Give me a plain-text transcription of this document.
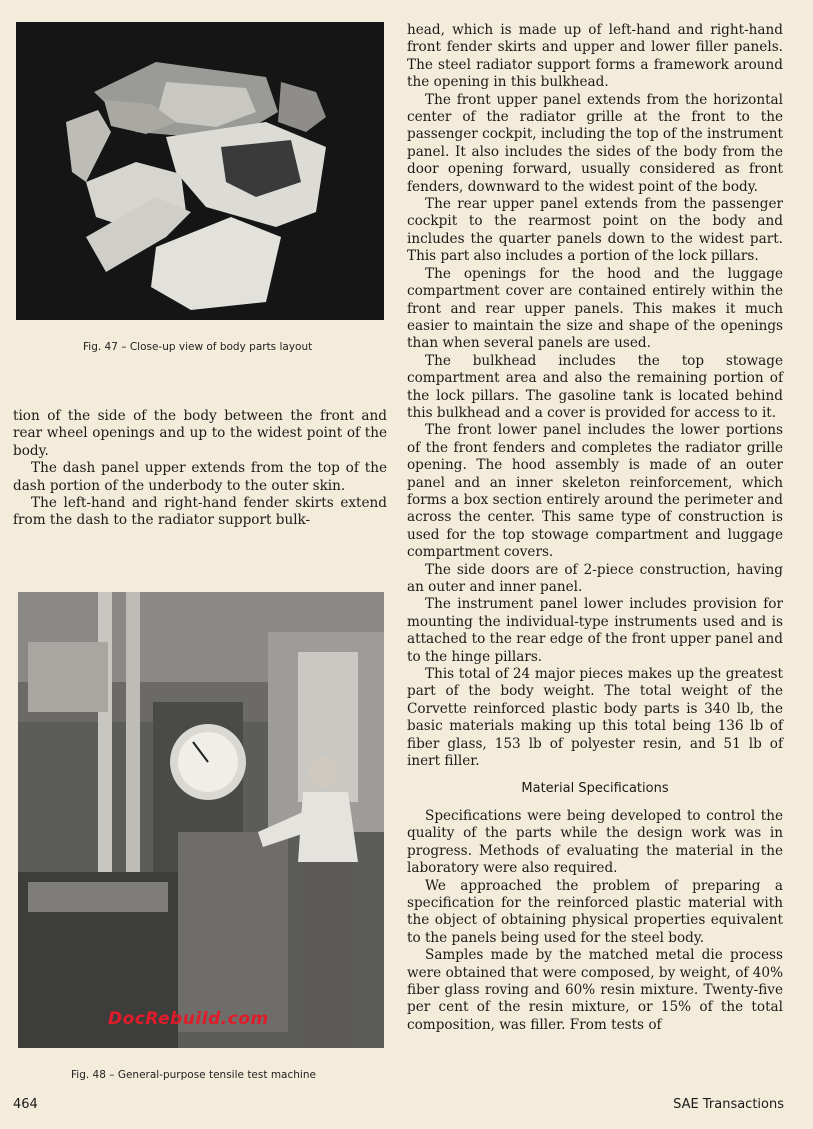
Fig. 47 – Close-up view of body parts layout
DocRebuild.com
Fig. 48 – General-purpose tensile test machine

tion of the side of the body between the front and rear wheel openings and up to the widest point of the body.

The dash panel upper extends from the top of the dash portion of the underbody to the outer skin.

The left-hand and right-hand fender skirts extend from the dash to the radiator support bulk-

head, which is made up of left-hand and right-hand front fender skirts and upper and lower filler panels. The steel radiator support forms a framework around the opening in this bulkhead.

The front upper panel extends from the horizontal center of the radiator grille at the front to the passenger cockpit, including the top of the instrument panel. It also includes the sides of the body from the door opening forward, usually considered as front fenders, downward to the widest point of the body.

The rear upper panel extends from the passenger cockpit to the rearmost point on the body and includes the quarter panels down to the widest part. This part also includes a portion of the lock pillars.

The openings for the hood and the luggage compartment cover are contained entirely within the front and rear upper panels. This makes it much easier to maintain the size and shape of the openings than when several panels are used.

The bulkhead includes the top stowage compartment area and also the remaining portion of the lock pillars. The gasoline tank is located behind this bulkhead and a cover is provided for access to it.

The front lower panel includes the lower portions of the front fenders and completes the radiator grille opening. The hood assembly is made of an outer panel and an inner skeleton reinforcement, which forms a box section entirely around the perimeter and across the center. This same type of construction is used for the top stowage compartment and luggage compartment covers.

The side doors are of 2-piece construction, having an outer and inner panel.

The instrument panel lower includes provision for mounting the individual-type instruments used and is attached to the rear edge of the front upper panel and to the hinge pillars.

This total of 24 major pieces makes up the greatest part of the body weight. The total weight of the Corvette reinforced plastic body parts is 340 lb, the basic materials making up this total being 136 lb of fiber glass, 153 lb of polyester resin, and 51 lb of inert filler.

Material Specifications

Specifications were being developed to control the quality of the parts while the design work was in progress. Methods of evaluating the material in the laboratory were also required.

We approached the problem of preparing a specification for the reinforced plastic material with the object of obtaining physical properties equivalent to the panels being used for the steel body.

Samples made by the matched metal die process were obtained that were composed, by weight, of 40% fiber glass roving and 60% resin mixture. Twenty-five per cent of the resin mixture, or 15% of the total composition, was filler. From tests of

464	SAE Transactions
